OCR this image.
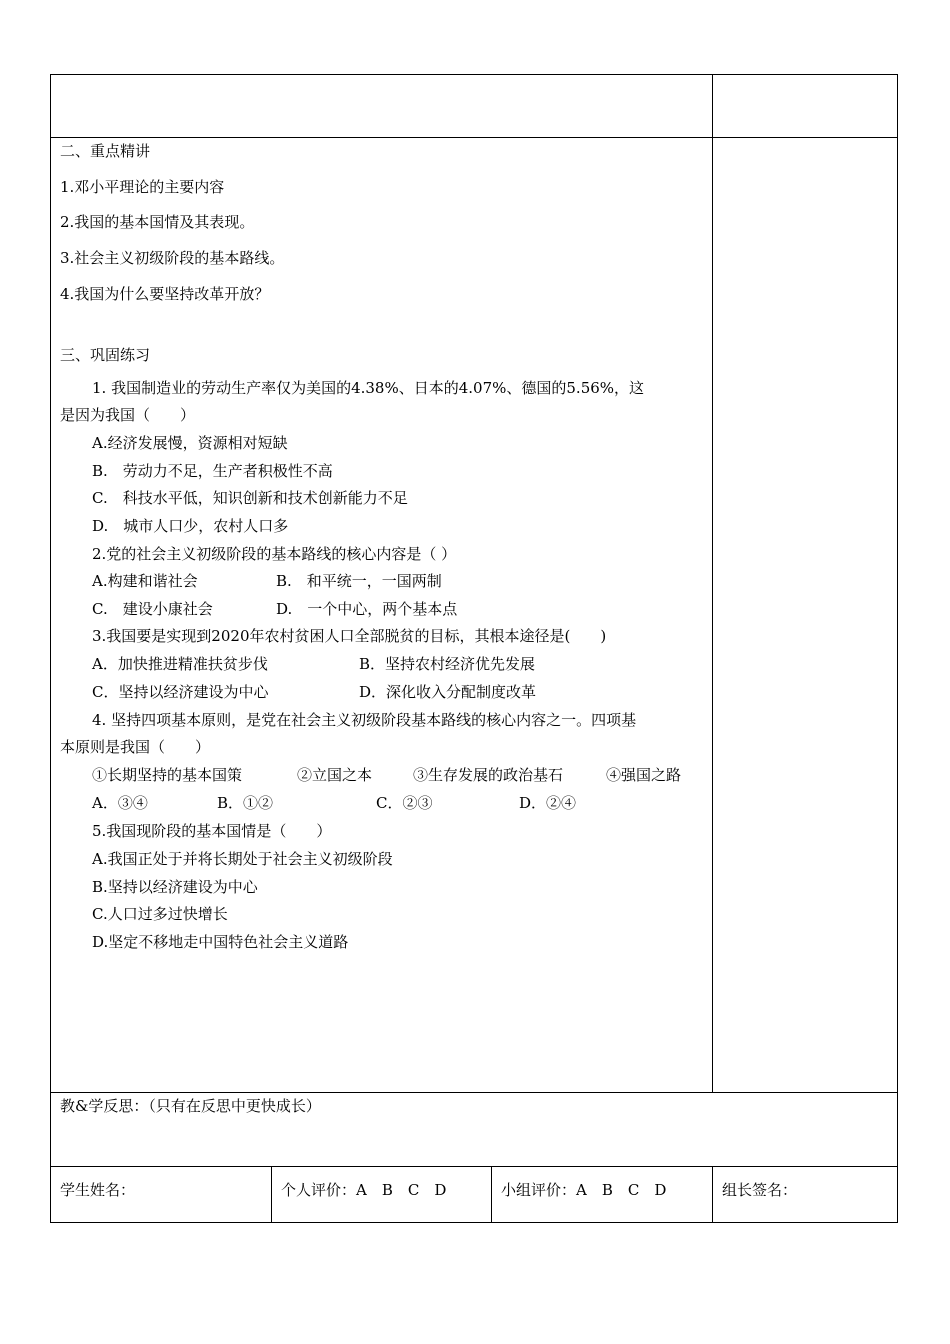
二、重点精讲
1.邓小平理论的主要内容
2.我国的基本国情及其表现。
3.社会主义初级阶段的基本路线。
4.我国为什么要坚持改革开放？
三、巩固练习
1. 我国制造业的劳动生产率仅为美国的4.38%、日本的4.07%、德国的5.56%，这
是因为我国（　　）
A.经济发展慢，资源相对短缺
B.　劳动力不足，生产者积极性不高
C.　科技水平低，知识创新和技术创新能力不足
D.　城市人口少，农村人口多
2.党的社会主义初级阶段的基本路线的核心内容是（ ）
A.构建和谐社会	B.　和平统一，一国两制
C.　建设小康社会	D.　一个中心，两个基本点
3.我国要是实现到2020年农村贫困人口全部脱贫的目标，其根本途径是(　　)
A．加快推进精准扶贫步伐	B．坚持农村经济优先发展
C．坚持以经济建设为中心	D．深化收入分配制度改革
4. 坚持四项基本原则，是党在社会主义初级阶段基本路线的核心内容之一。四项基
本原则是我国（　　）
①长期坚持的基本国策	②立国之本	③生存发展的政治基石	④强国之路
A．③④	B．①②	C．②③	D．②④
5.我国现阶段的基本国情是（　　）
A.我国正处于并将长期处于社会主义初级阶段
B.坚持以经济建设为中心
C.人口过多过快增长
D.坚定不移地走中国特色社会主义道路
教&学反思：（只有在反思中更快成长）
学生姓名：	个人评价：A　B　C　D	小组评价：A　B　C　D	组长签名：
